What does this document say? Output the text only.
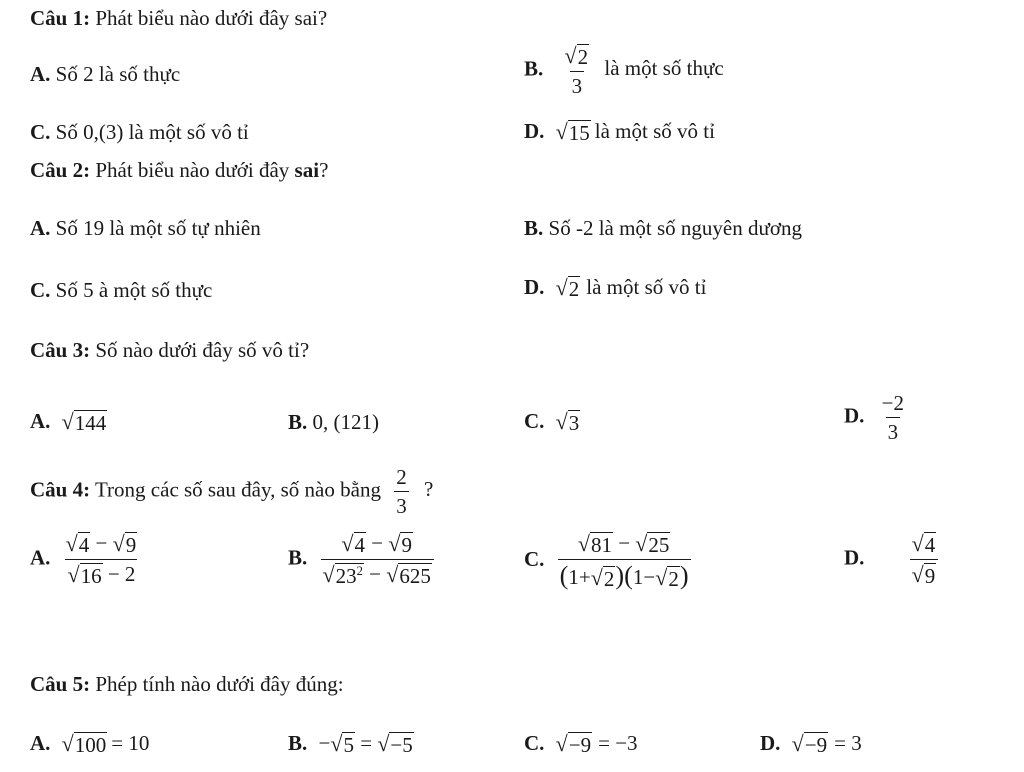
Câu 1: Phát biểu nào dưới đây sai?
A. Số 2 là số thực	B. $\frac{√ 2}{3}$ là một số thực
C. Số 0,(3) là một số vô tỉ	D. √ 15 là một số vô tỉ
Câu 2: Phát biểu nào dưới đây sai?
A. Số 19 là một số tự nhiên	B. Số -2 là một số nguyên dương
C. Số 5 à một số thực	D. √ 2 là một số vô tỉ
Câu 3: Số nào dưới đây số vô tỉ?
A. √ 144	B. 0, (121)	C. √ 3	D. $\frac{-2}{3}$
Câu 4: Trong các số sau đây, số nào bằng $\frac{2}{3}$ ?
A. $\frac{√ 4 - √ 9}{√ 16 - 2}$	B. $\frac{√ 4 - √ 9}{√ 23^2 - √ 625}$	C. $\frac{√ 81 - √ 25}{(1+ √ 2 )(1- √ 2 )}$	D. $\frac{√ 4}{√ 9}$
Câu 5: Phép tính nào dưới đây đúng:
A. √ 100 = 10	B. − √ 5 = √ −5	C. √ −9 = −3	D. √ −9 = 3
